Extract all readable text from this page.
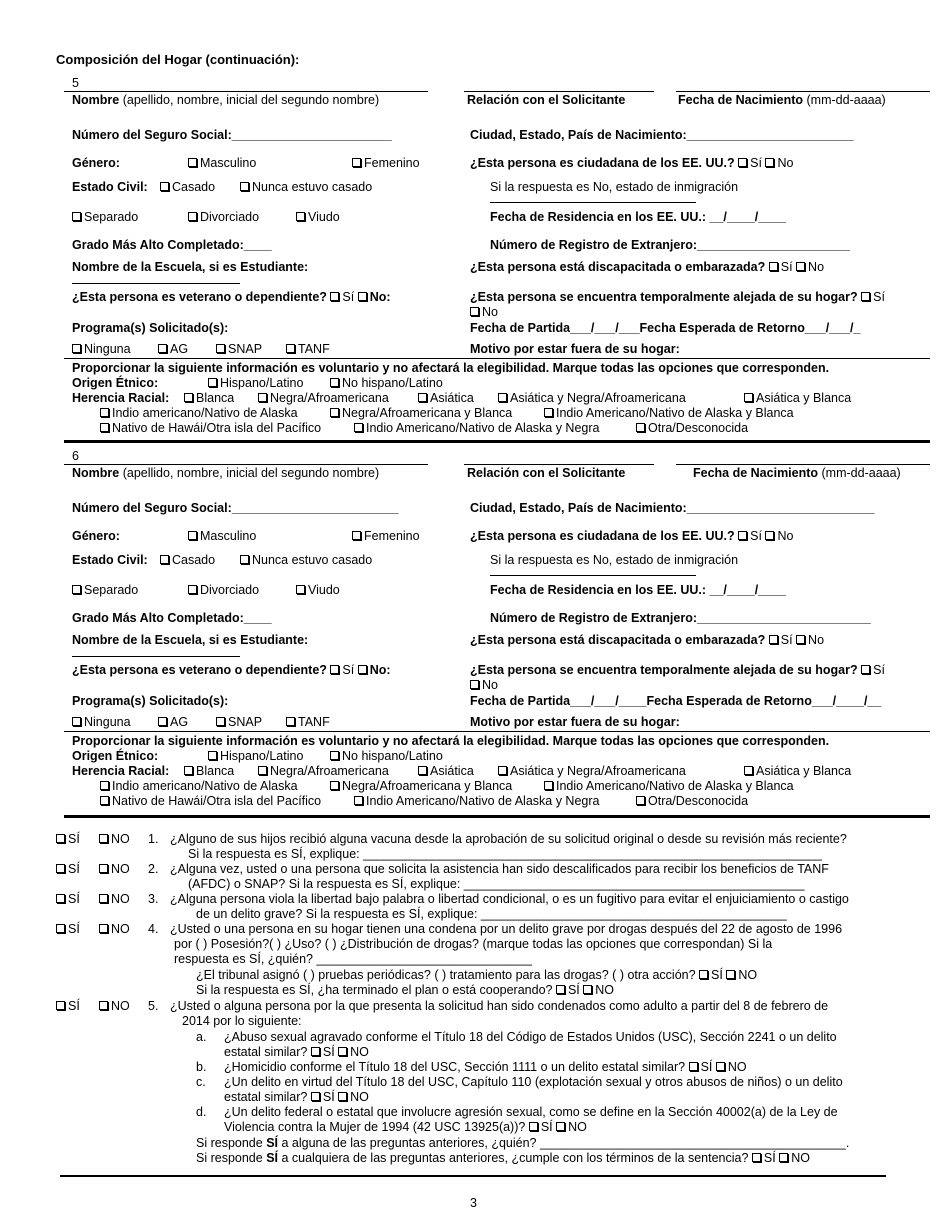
Composición del Hogar (continuación):
5
Nombre (apellido, nombre, inicial del segundo nombre)	Relación con el Solicitante	Fecha de Nacimiento (mm-dd-aaaa)
Número del Seguro Social:_______________________	Ciudad, Estado, País de Nacimiento:________________________
Género:	Masculino	Femenino	¿Esta persona es ciudadana de los EE. UU.? Sí No
Estado Civil:	Casado	Nunca estuvo casado	Si la respuesta es No, estado de inmigración
Separado	Divorciado	Viudo	Fecha de Residencia en los EE. UU.: __/____/____
Grado Más Alto Completado:____	Número de Registro de Extranjero:______________________
Nombre de la Escuela, si es Estudiante:	¿Esta persona está discapacitada o embarazada? Sí No
¿Esta persona es veterano o dependiente? Sí No:	¿Esta persona se encuentra temporalmente alejada de su hogar? Sí
No
Programa(s) Solicitado(s):	Fecha de Partida___/___/___Fecha Esperada de Retorno___/___/_
Ninguna	AG	SNAP	TANF	Motivo por estar fuera de su hogar:
Proporcionar la siguiente información es voluntario y no afectará la elegibilidad. Marque todas las opciones que corresponden.
Origen Étnico:	Hispano/Latino	No hispano/Latino
Herencia Racial:	Blanca	Negra/Afroamericana	Asiática	Asiática y Negra/Afroamericana	Asiática y Blanca
Indio americano/Nativo de Alaska	Negra/Afroamericana y Blanca	Indio Americano/Nativo de Alaska y Blanca
Nativo de Hawái/Otra isla del Pacífico	Indio Americano/Nativo de Alaska y Negra	Otra/Desconocida
6
Nombre (apellido, nombre, inicial del segundo nombre)	Relación con el Solicitante	Fecha de Nacimiento (mm-dd-aaaa)
Número del Seguro Social:________________________	Ciudad, Estado, País de Nacimiento:___________________________
Género:	Masculino	Femenino	¿Esta persona es ciudadana de los EE. UU.? Sí No
Estado Civil:	Casado	Nunca estuvo casado	Si la respuesta es No, estado de inmigración
Separado	Divorciado	Viudo	Fecha de Residencia en los EE. UU.: __/____/____
Grado Más Alto Completado:____	Número de Registro de Extranjero:_________________________
Nombre de la Escuela, si es Estudiante:	¿Esta persona está discapacitada o embarazada? Sí No
¿Esta persona es veterano o dependiente? Sí No:	¿Esta persona se encuentra temporalmente alejada de su hogar? Sí
No
Programa(s) Solicitado(s):	Fecha de Partida___/___/____Fecha Esperada de Retorno___/____/__
Ninguna	AG	SNAP	TANF	Motivo por estar fuera de su hogar:
Proporcionar la siguiente información es voluntario y no afectará la elegibilidad. Marque todas las opciones que corresponden.
Origen Étnico:	Hispano/Latino	No hispano/Latino
Herencia Racial:	Blanca	Negra/Afroamericana	Asiática	Asiática y Negra/Afroamericana	Asiática y Blanca
Indio americano/Nativo de Alaska	Negra/Afroamericana y Blanca	Indio Americano/Nativo de Alaska y Blanca
Nativo de Hawái/Otra isla del Pacífico	Indio Americano/Nativo de Alaska y Negra	Otra/Desconocida
SÍ	NO 1. ¿Alguno de sus hijos recibió alguna vacuna desde la aprobación de su solicitud original o desde su revisión más reciente?
Si la respuesta es SÍ, explique: __________________________________________________________________
SÍ	NO 2. ¿Alguna vez, usted o una persona que solicita la asistencia han sido descalificados para recibir los beneficios de TANF
(AFDC) o SNAP? Si la respuesta es SÍ, explique: _________________________________________________
SÍ	NO 3. ¿Alguna persona viola la libertad bajo palabra o libertad condicional, o es un fugitivo para evitar el enjuiciamiento o castigo
de un delito grave? Si la respuesta es SÍ, explique: ____________________________________________
SÍ	NO 4. ¿Usted o una persona en su hogar tienen una condena por un delito grave por drogas después del 22 de agosto de 1996
por ( ) Posesión?( ) ¿Uso? ( ) ¿Distribución de drogas? (marque todas las opciones que correspondan) Si la
respuesta es SÍ, ¿quién? _______________________________
¿El tribunal asignó ( ) pruebas periódicas? ( ) tratamiento para las drogas? ( ) otra acción? SÍ NO
Si la respuesta es SÍ, ¿ha terminado el plan o está cooperando? SÍ NO
SÍ	NO 5. ¿Usted o alguna persona por la que presenta la solicitud han sido condenados como adulto a partir del 8 de febrero de
2014 por lo siguiente:
a. ¿Abuso sexual agravado conforme el Título 18 del Código de Estados Unidos (USC), Sección 2241 o un delito
estatal similar? SÍ NO
b. ¿Homicidio conforme el Título 18 del USC, Sección 1111 o un delito estatal similar? SÍ NO
c. ¿Un delito en virtud del Título 18 del USC, Capítulo 110 (explotación sexual y otros abusos de niños) o un delito
estatal similar? SÍ NO
d. ¿Un delito federal o estatal que involucre agresión sexual, como se define en la Sección 40002(a) de la Ley de
Violencia contra la Mujer de 1994 (42 USC 13925(a))? SÍ NO
Si responde SÍ a alguna de las preguntas anteriores, ¿quién? ____________________________________________.
Si responde SÍ a cualquiera de las preguntas anteriores, ¿cumple con los términos de la sentencia? SÍ NO
3
